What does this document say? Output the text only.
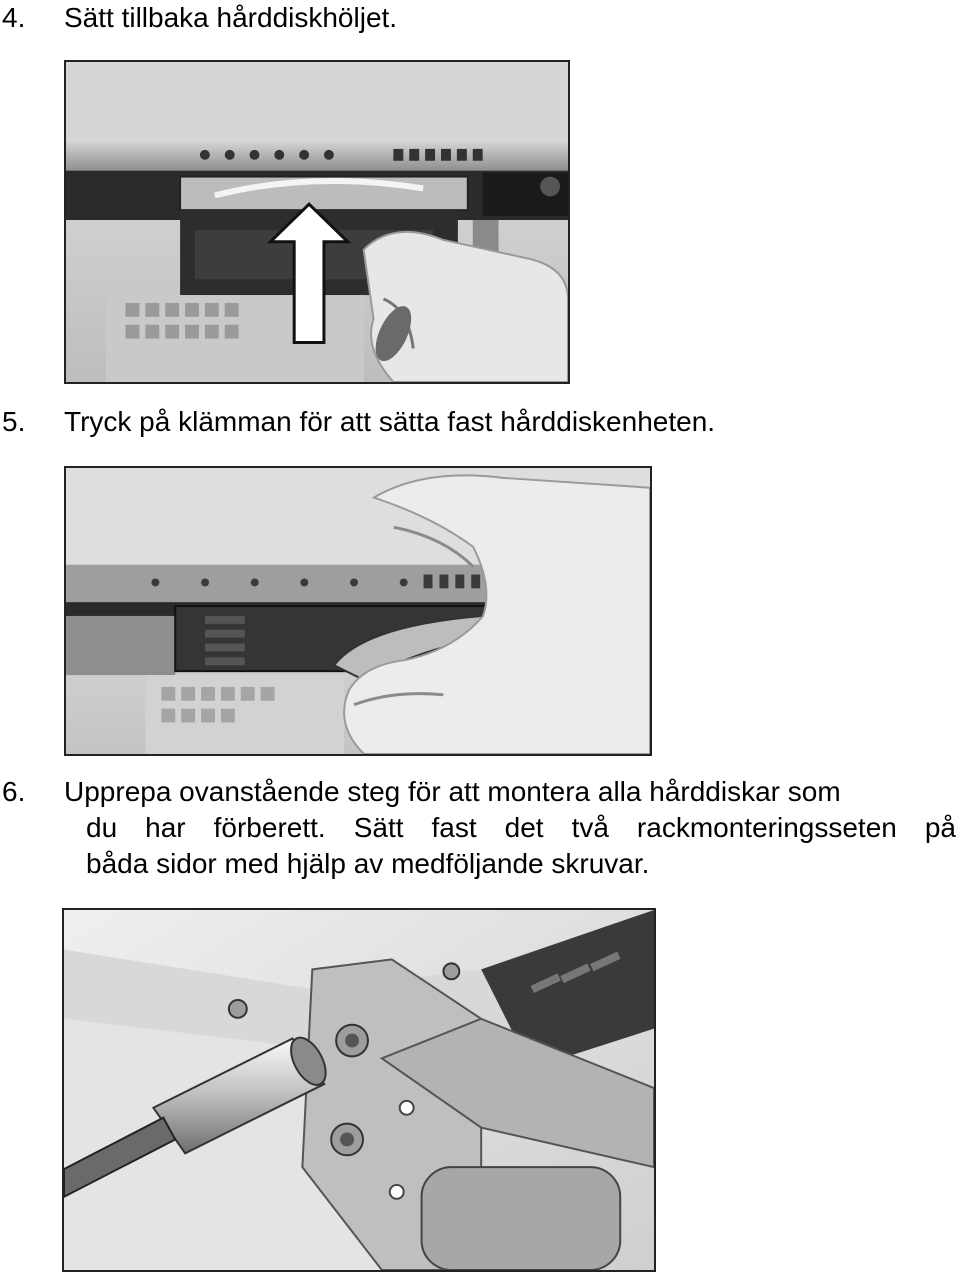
4. Sätt tillbaka hårddiskhöljet.
5. Tryck på klämman för att sätta fast hårddiskenheten.
6. Upprepa ovanstående steg för att montera alla hårddiskar som
du har förberett. Sätt fast det två rackmonteringsseten på
båda sidor med hjälp av medföljande skruvar.
